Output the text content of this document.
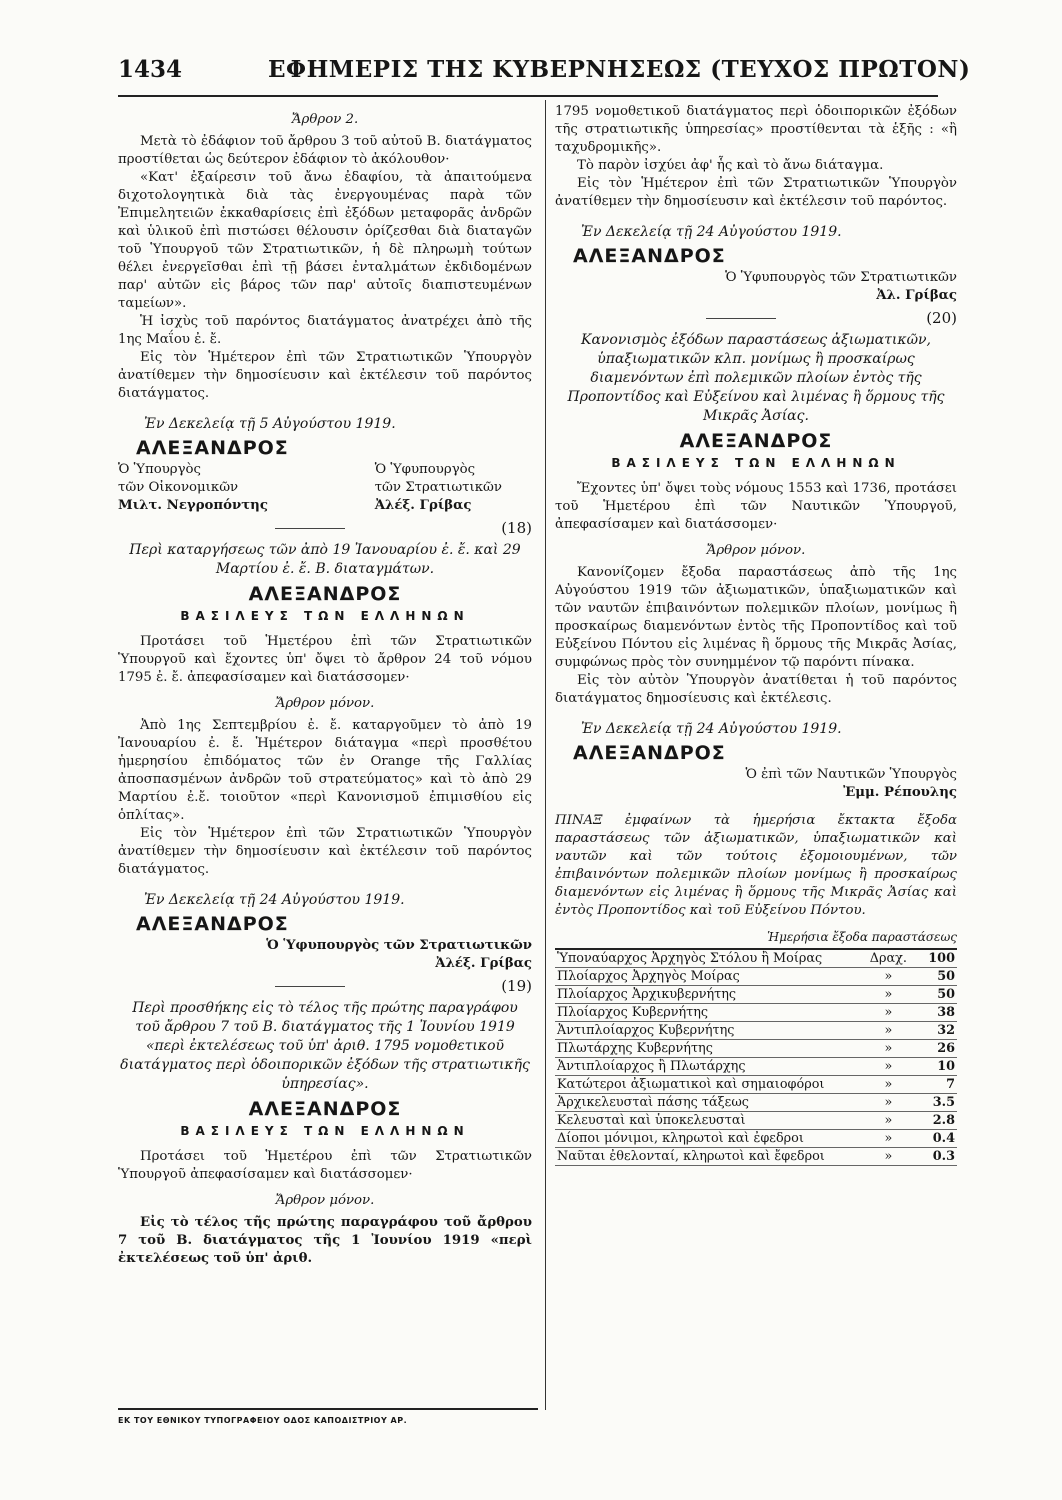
1434	ΕΦΗΜΕΡΙΣ ΤΗΣ ΚΥΒΕΡΝΗΣΕΩΣ (ΤΕΥΧΟΣ ΠΡΩΤΟΝ)

Ἄρθρον 2.

Μετὰ τὸ ἐδάφιον τοῦ ἄρθρου 3 τοῦ αὐτοῦ Β. διατάγματος προστίθεται ὡς δεύτερον ἐδάφιον τὸ ἀκόλουθον·

«Κατ' ἐξαίρεσιν τοῦ ἄνω ἐδαφίου, τὰ ἀπαιτούμενα διχοτολογητικὰ διὰ τὰς ἐνεργουμένας παρὰ τῶν Ἐπιμελητειῶν ἐκκαθαρίσεις ἐπὶ ἐξόδων μεταφορᾶς ἀνδρῶν καὶ ὑλικοῦ ἐπὶ πιστώσει θέλουσιν ὁρίζεσθαι διὰ διαταγῶν τοῦ Ὑπουργοῦ τῶν Στρατιωτικῶν, ἡ δὲ πληρωμὴ τούτων θέλει ἐνεργεῖσθαι ἐπὶ τῇ βάσει ἐνταλμάτων ἐκδιδομένων παρ' αὐτῶν εἰς βάρος τῶν παρ' αὐτοῖς διαπιστευμένων ταμείων».

Ἡ ἰσχὺς τοῦ παρόντος διατάγματος ἀνατρέχει ἀπὸ τῆς 1ης Μαΐου ἐ. ἔ.

Εἰς τὸν Ἡμέτερον ἐπὶ τῶν Στρατιωτικῶν Ὑπουργὸν ἀνατίθεμεν τὴν δημοσίευσιν καὶ ἐκτέλεσιν τοῦ παρόντος διατάγματος.

Ἐν Δεκελείᾳ τῇ 5 Αὐγούστου 1919.

ΑΛΕΞΑΝΔΡΟΣ
Ὁ Ὑπουργὸς
τῶν Οἰκονομικῶν
Μιλτ. Νεγροπόντης
Ὁ Ὑφυπουργὸς
τῶν Στρατιωτικῶν
Ἀλέξ. Γρίβας
(18)

Περὶ καταργήσεως τῶν ἀπὸ 19 Ἰανουαρίου ἐ. ἔ. καὶ 29 Μαρτίου ἐ. ἔ. Β. διαταγμάτων.

ΑΛΕΞΑΝΔΡΟΣ
ΒΑΣΙΛΕΥΣ ΤΩΝ ΕΛΛΗΝΩΝ

Προτάσει τοῦ Ἡμετέρου ἐπὶ τῶν Στρατιωτικῶν Ὑπουργοῦ καὶ ἔχοντες ὑπ' ὄψει τὸ ἄρθρον 24 τοῦ νόμου 1795 ἐ. ἔ. ἀπεφασίσαμεν καὶ διατάσσομεν·

Ἄρθρον μόνον.

Ἀπὸ 1ης Σεπτεμβρίου ἐ. ἔ. καταργοῦμεν τὸ ἀπὸ 19 Ἰανουαρίου ἐ. ἔ. Ἡμέτερον διάταγμα «περὶ προσθέτου ἡμερησίου ἐπιδόματος τῶν ἐν Orange τῆς Γαλλίας ἀποσπασμένων ἀνδρῶν τοῦ στρατεύματος» καὶ τὸ ἀπὸ 29 Μαρτίου ἐ.ἔ. τοιοῦτον «περὶ Κανονισμοῦ ἐπιμισθίου εἰς ὁπλίτας».

Εἰς τὸν Ἡμέτερον ἐπὶ τῶν Στρατιωτικῶν Ὑπουργὸν ἀνατίθεμεν τὴν δημοσίευσιν καὶ ἐκτέλεσιν τοῦ παρόντος διατάγματος.

Ἐν Δεκελείᾳ τῇ 24 Αὐγούστου 1919.

ΑΛΕΞΑΝΔΡΟΣ
Ὁ Ὑφυπουργὸς τῶν Στρατιωτικῶν
Ἀλέξ. Γρίβας
(19)

Περὶ προσθήκης εἰς τὸ τέλος τῆς πρώτης παραγράφου τοῦ ἄρθρου 7 τοῦ Β. διατάγματος τῆς 1 Ἰουνίου 1919 «περὶ ἐκτελέσεως τοῦ ὑπ' ἀριθ. 1795 νομοθετικοῦ διατάγματος περὶ ὁδοιπορικῶν ἐξόδων τῆς στρατιωτικῆς ὑπηρεσίας».

ΑΛΕΞΑΝΔΡΟΣ
ΒΑΣΙΛΕΥΣ ΤΩΝ ΕΛΛΗΝΩΝ

Προτάσει τοῦ Ἡμετέρου ἐπὶ τῶν Στρατιωτικῶν Ὑπουργοῦ ἀπεφασίσαμεν καὶ διατάσσομεν·

Ἄρθρον μόνον.

Εἰς τὸ τέλος τῆς πρώτης παραγράφου τοῦ ἄρθρου 7 τοῦ Β. διατάγματος τῆς 1 Ἰουνίου 1919 «περὶ ἐκτελέσεως τοῦ ὑπ' ἀριθ.

1795 νομοθετικοῦ διατάγματος περὶ ὁδοιπορικῶν ἐξόδων τῆς στρατιωτικῆς ὑπηρεσίας» προστίθενται τὰ ἑξῆς : «ἢ ταχυδρομικῆς».

Τὸ παρὸν ἰσχύει ἀφ' ἧς καὶ τὸ ἄνω διάταγμα.

Εἰς τὸν Ἡμέτερον ἐπὶ τῶν Στρατιωτικῶν Ὑπουργὸν ἀνατίθεμεν τὴν δημοσίευσιν καὶ ἐκτέλεσιν τοῦ παρόντος.

Ἐν Δεκελείᾳ τῇ 24 Αὐγούστου 1919.

ΑΛΕΞΑΝΔΡΟΣ
Ὁ Ὑφυπουργὸς τῶν Στρατιωτικῶν
Ἀλ. Γρίβας
(20)

Κανονισμὸς ἐξόδων παραστάσεως ἀξιωματικῶν, ὑπαξιωματικῶν κλπ. μονίμως ἢ προσκαίρως διαμενόντων ἐπὶ πολεμικῶν πλοίων ἐντὸς τῆς Προποντίδος καὶ Εὐξείνου καὶ λιμένας ἢ ὅρμους τῆς Μικρᾶς Ἀσίας.

ΑΛΕΞΑΝΔΡΟΣ
ΒΑΣΙΛΕΥΣ ΤΩΝ ΕΛΛΗΝΩΝ

Ἔχοντες ὑπ' ὄψει τοὺς νόμους 1553 καὶ 1736, προτάσει τοῦ Ἡμετέρου ἐπὶ τῶν Ναυτικῶν Ὑπουργοῦ, ἀπεφασίσαμεν καὶ διατάσσομεν·

Ἄρθρον μόνον.

Κανονίζομεν ἔξοδα παραστάσεως ἀπὸ τῆς 1ης Αὐγούστου 1919 τῶν ἀξιωματικῶν, ὑπαξιωματικῶν καὶ τῶν ναυτῶν ἐπιβαινόντων πολεμικῶν πλοίων, μονίμως ἢ προσκαίρως διαμενόντων ἐντὸς τῆς Προποντίδος καὶ τοῦ Εὐξείνου Πόντου εἰς λιμένας ἢ ὅρμους τῆς Μικρᾶς Ἀσίας, συμφώνως πρὸς τὸν συνημμένον τῷ παρόντι πίνακα.

Εἰς τὸν αὐτὸν Ὑπουργὸν ἀνατίθεται ἡ τοῦ παρόντος διατάγματος δημοσίευσις καὶ ἐκτέλεσις.

Ἐν Δεκελείᾳ τῇ 24 Αὐγούστου 1919.

ΑΛΕΞΑΝΔΡΟΣ
Ὁ ἐπὶ τῶν Ναυτικῶν Ὑπουργὸς
Ἐμμ. Ρέπουλης

ΠΙΝΑΞ ἐμφαίνων τὰ ἡμερήσια ἔκτακτα ἔξοδα παραστάσεως τῶν ἀξιωματικῶν, ὑπαξιωματικῶν καὶ ναυτῶν καὶ τῶν τούτοις ἐξομοιουμένων, τῶν ἐπιβαινόντων πολεμικῶν πλοίων μονίμως ἢ προσκαίρως διαμενόντων εἰς λιμένας ἢ ὅρμους τῆς Μικρᾶς Ἀσίας καὶ ἐντὸς Προποντίδος καὶ τοῦ Εὐξείνου Πόντου.

Ἡμερήσια ἔξοδα παραστάσεως
Ὑποναύαρχος Ἀρχηγὸς Στόλου ἢ Μοίρας	Δραχ.	100
Πλοίαρχος Ἀρχηγὸς Μοίρας	»	50
Πλοίαρχος Ἀρχικυβερνήτης	»	50
Πλοίαρχος Κυβερνήτης	»	38
Ἀντιπλοίαρχος Κυβερνήτης	»	32
Πλωτάρχης Κυβερνήτης	»	26
Ἀντιπλοίαρχος ἢ Πλωτάρχης	»	10
Κατώτεροι ἀξιωματικοὶ καὶ σημαιοφόροι	»	7
Ἀρχικελευσταὶ πάσης τάξεως	»	3.5
Κελευσταὶ καὶ ὑποκελευσταὶ	»	2.8
Δίοποι μόνιμοι, κληρωτοὶ καὶ ἐφεδροι	»	0.4
Ναῦται ἐθελονταί, κληρωτοὶ καὶ ἔφεδροι	»	0.3
ΕΚ ΤΟΥ ΕΘΝΙΚΟΥ ΤΥΠΟΓΡΑΦΕΙΟΥ ΟΔΟΣ ΚΑΠΟΔΙΣΤΡΙΟΥ ΑΡ.
